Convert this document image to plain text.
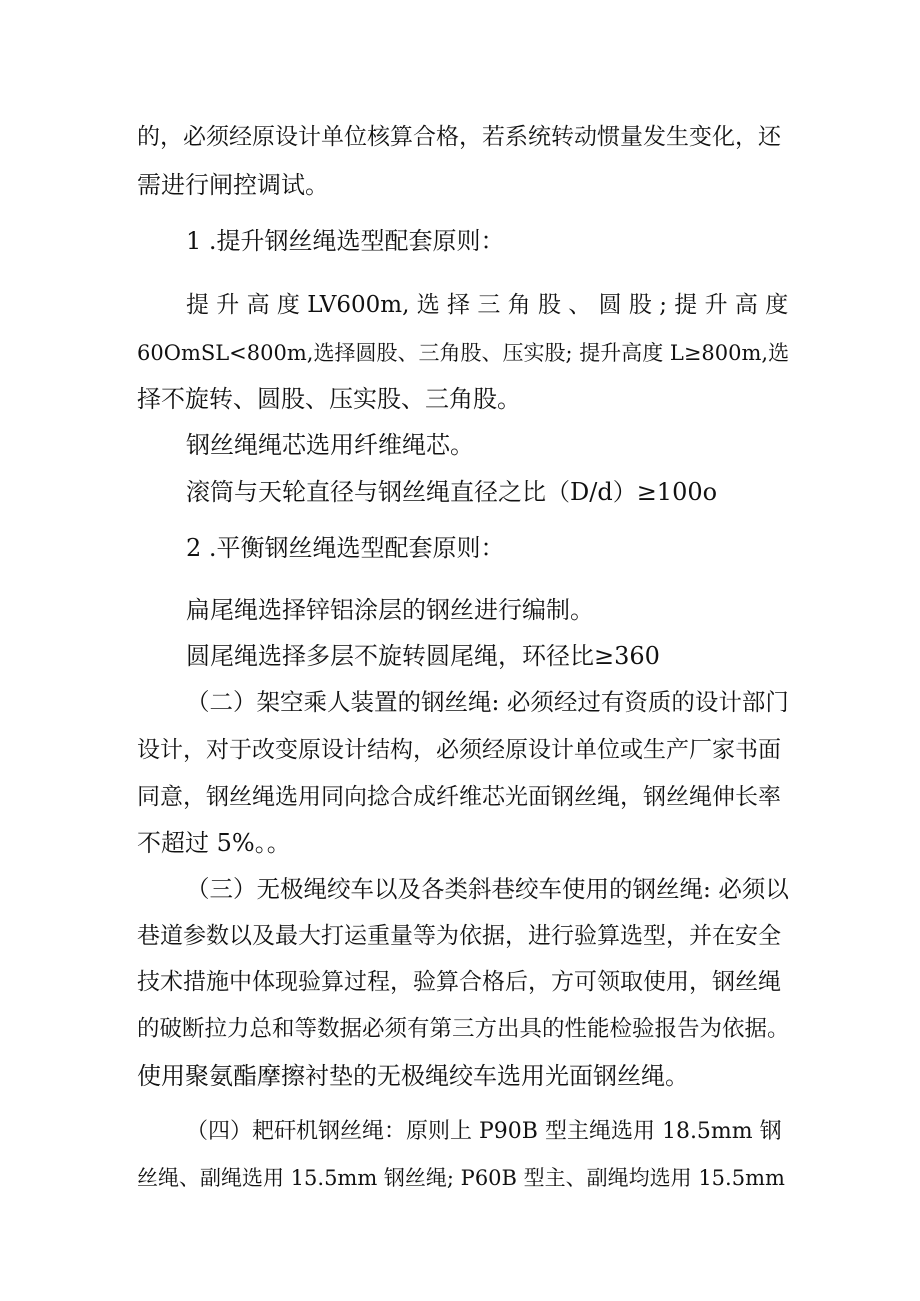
的，必须经原设计单位核算合格，若系统转动惯量发生变化，还
需进行闸控调试。
1 .提升钢丝绳选型配套原则：
提 升 高 度 LV600m, 选 择 三 角 股 、 圆 股 ; 提 升 高 度
60OmSL<800m,选择圆股、三角股、压实股; 提升高度 L≥800m,选
择不旋转、圆股、压实股、三角股。
钢丝绳绳芯选用纤维绳芯。
滚筒与天轮直径与钢丝绳直径之比（D/d）≥100o
2 .平衡钢丝绳选型配套原则：
扁尾绳选择锌铝涂层的钢丝进行编制。
圆尾绳选择多层不旋转圆尾绳，环径比≥360
（二）架空乘人装置的钢丝绳: 必须经过有资质的设计部门
设计，对于改变原设计结构，必须经原设计单位或生产厂家书面
同意，钢丝绳选用同向捻合成纤维芯光面钢丝绳，钢丝绳伸长率
不超过 5%。。
（三）无极绳绞车以及各类斜巷绞车使用的钢丝绳: 必须以
巷道参数以及最大打运重量等为依据，进行验算选型，并在安全
技术措施中体现验算过程，验算合格后，方可领取使用，钢丝绳
的破断拉力总和等数据必须有第三方出具的性能检验报告为依据。
使用聚氨酯摩擦衬垫的无极绳绞车选用光面钢丝绳。
（四）耙矸机钢丝绳：原则上 P90B 型主绳选用 18.5mm 钢
丝绳、副绳选用 15.5mm 钢丝绳; P60B 型主、副绳均选用 15.5mm
